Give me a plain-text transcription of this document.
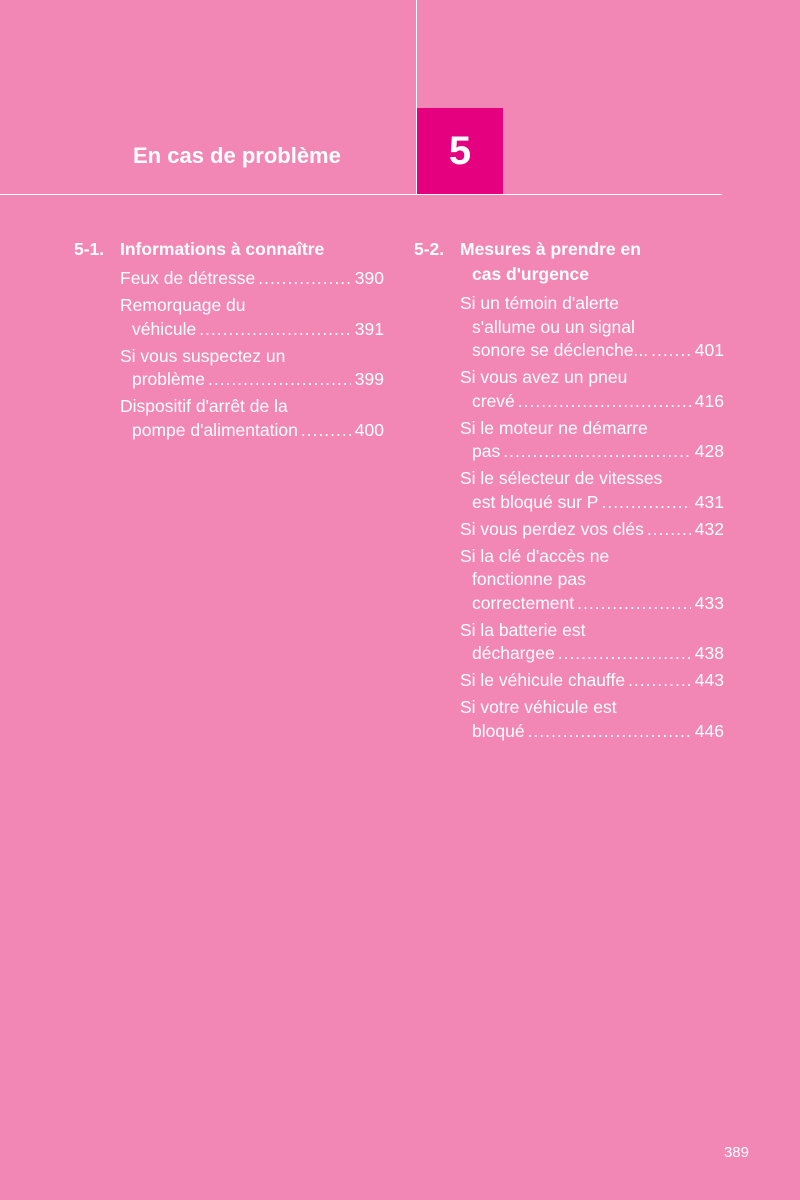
En cas de problème	5
5-1. Informations à connaître
Feux de détresse .....	390
Remorquage du
véhicule .....	391
Si vous suspectez un
problème .....	399
Dispositif d'arrêt de la
pompe d'alimentation .....	400
5-2. Mesures à prendre en
cas d'urgence
Si un témoin d'alerte
s'allume ou un signal
sonore se déclenche... .....	401
Si vous avez un pneu
crevé .....	416
Si le moteur ne démarre
pas .....	428
Si le sélecteur de vitesses
est bloqué sur P .....	431
Si vous perdez vos clés .....	432
Si la clé d'accès ne
fonctionne pas
correctement .....	433
Si la batterie est
déchargee .....	438
Si le véhicule chauffe .....	443
Si votre véhicule est
bloqué .....	446
389
